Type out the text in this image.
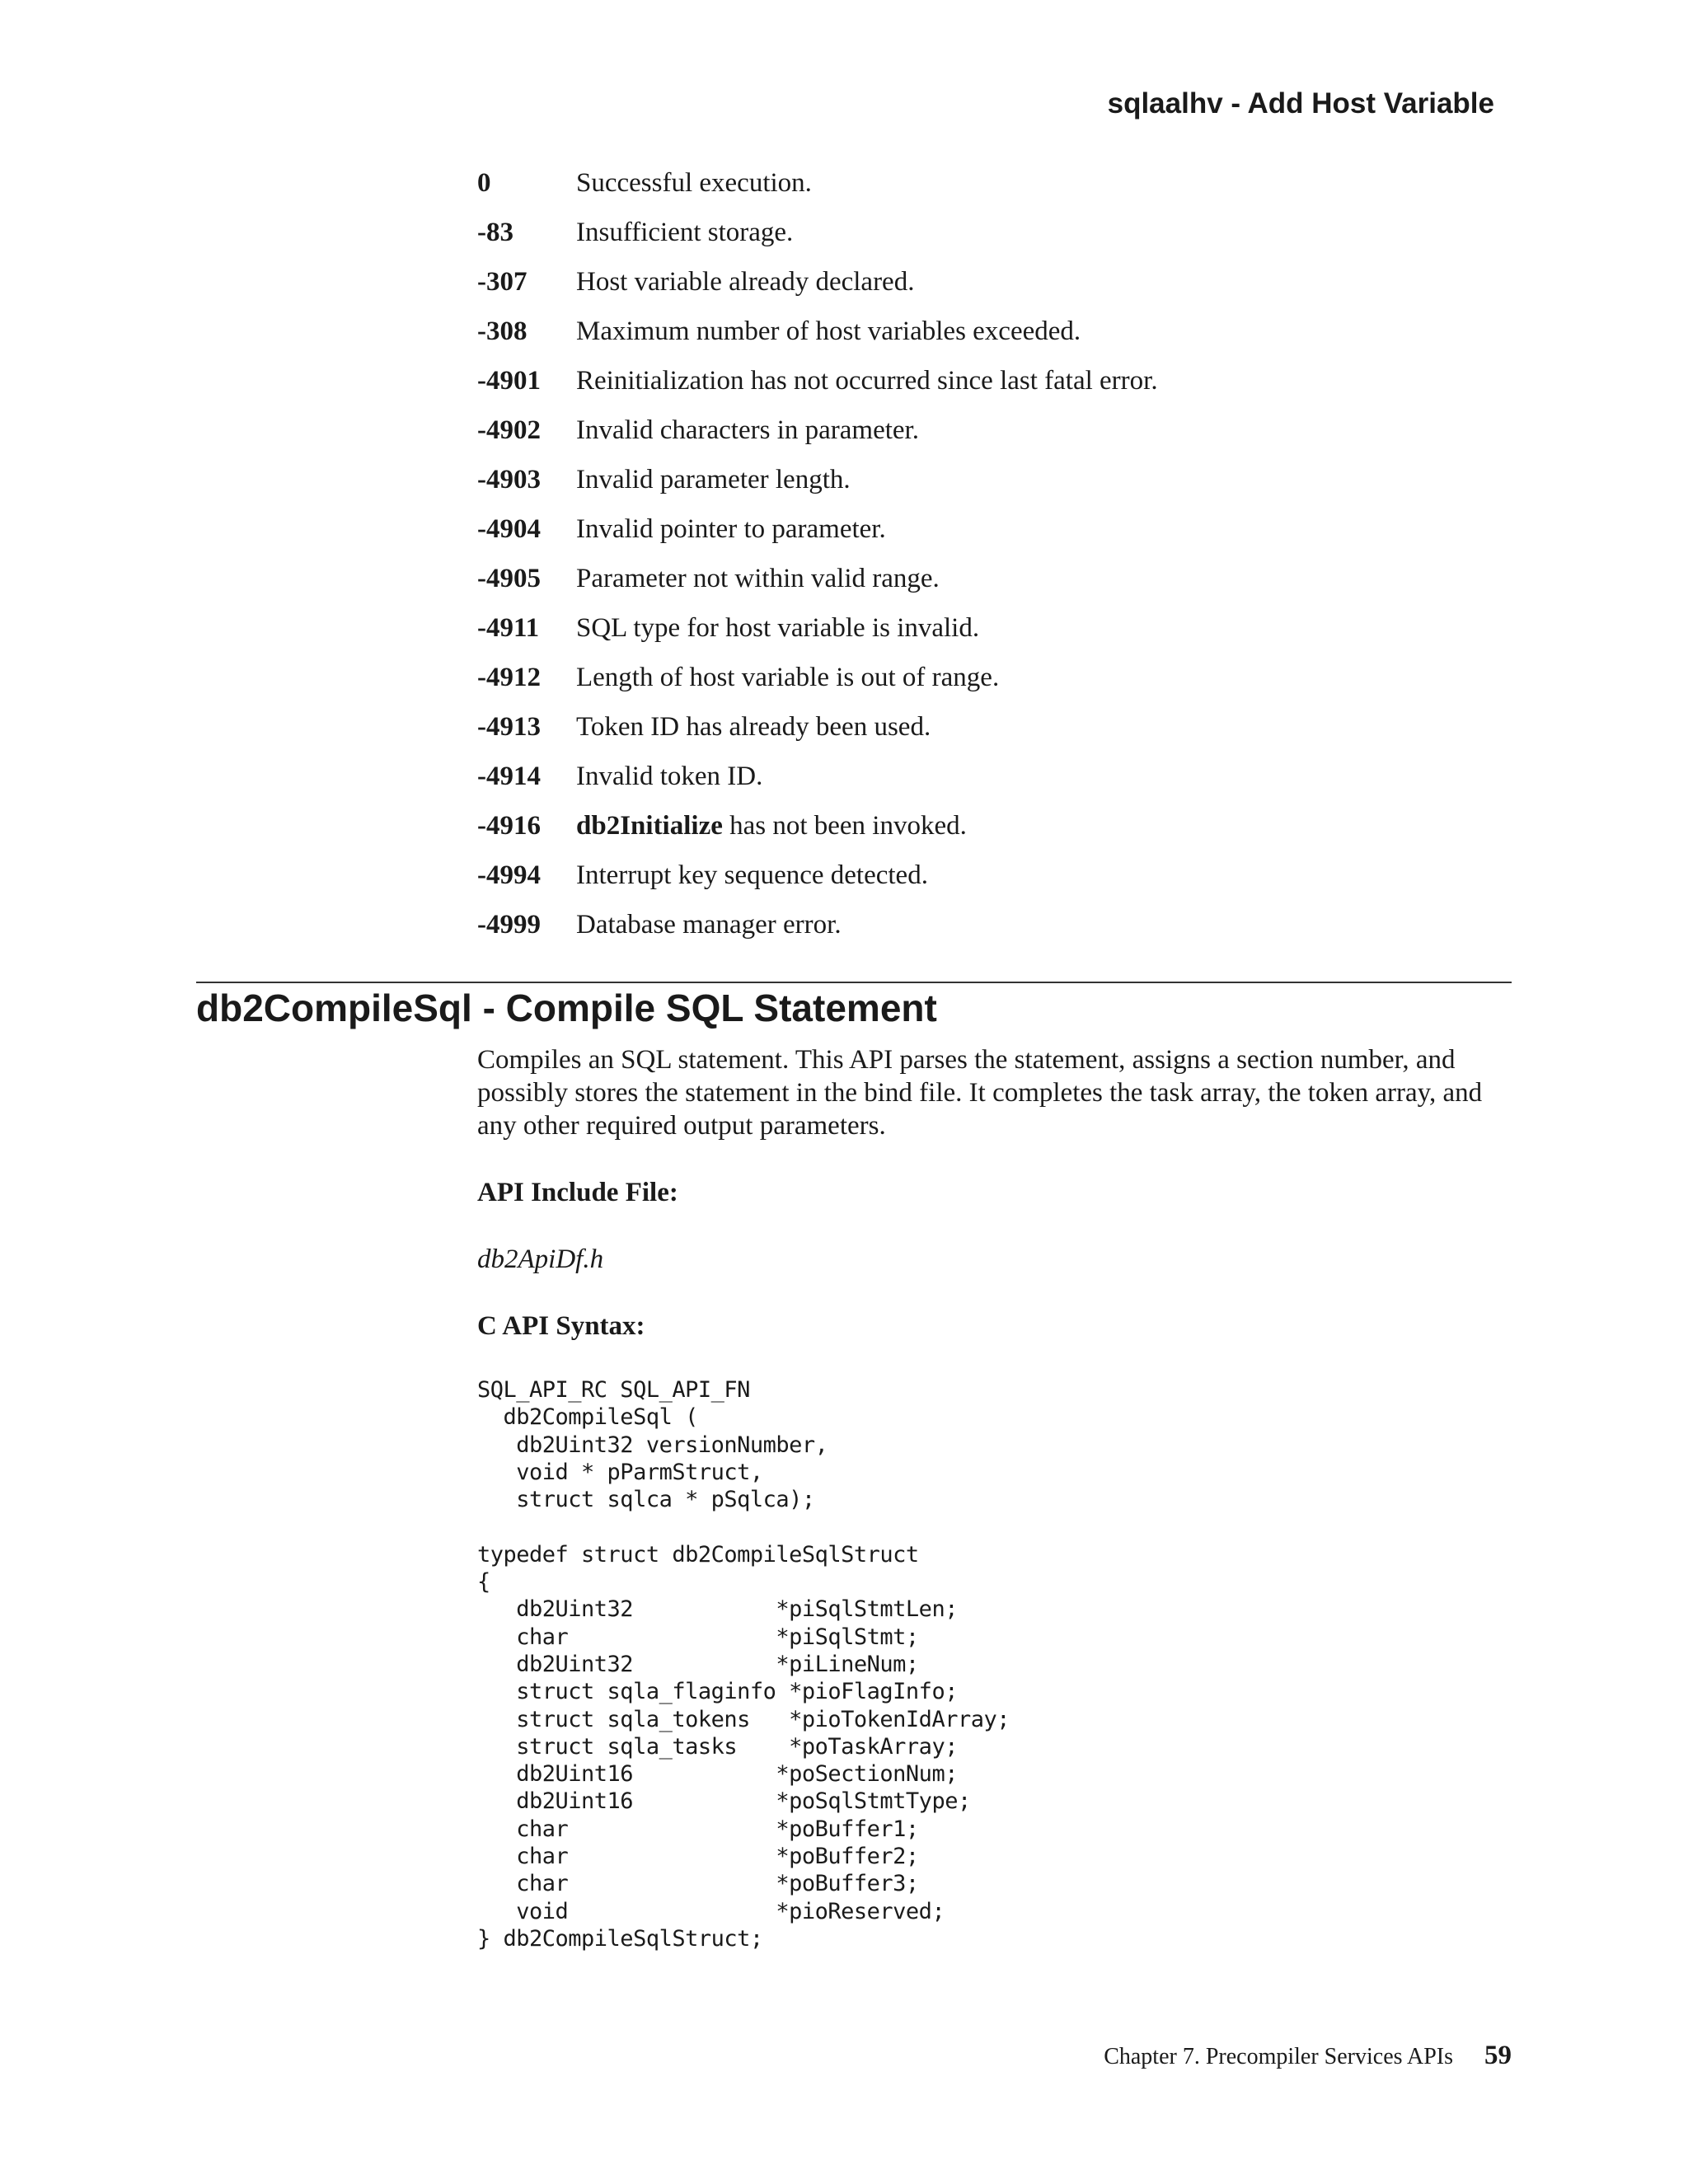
sqlaalhv - Add Host Variable
0	Successful execution.
-83	Insufficient storage.
-307	Host variable already declared.
-308	Maximum number of host variables exceeded.
-4901	Reinitialization has not occurred since last fatal error.
-4902	Invalid characters in parameter.
-4903	Invalid parameter length.
-4904	Invalid pointer to parameter.
-4905	Parameter not within valid range.
-4911	SQL type for host variable is invalid.
-4912	Length of host variable is out of range.
-4913	Token ID has already been used.
-4914	Invalid token ID.
-4916	db2Initialize has not been invoked.
-4994	Interrupt key sequence detected.
-4999	Database manager error.
db2CompileSql - Compile SQL Statement

Compiles an SQL statement. This API parses the statement, assigns a section number, and possibly stores the statement in the bind file. It completes the task array, the token array, and any other required output parameters.

API Include File:

db2ApiDf.h

C API Syntax:

SQL_API_RC SQL_API_FN
db2CompileSql (
db2Uint32 versionNumber,
void * pParmStruct,
struct sqlca * pSqlca);

typedef struct db2CompileSqlStruct
{
db2Uint32           *piSqlStmtLen;
char                *piSqlStmt;
db2Uint32           *piLineNum;
struct sqla_flaginfo *pioFlagInfo;
struct sqla_tokens   *pioTokenIdArray;
struct sqla_tasks    *poTaskArray;
db2Uint16           *poSectionNum;
db2Uint16           *poSqlStmtType;
char                *poBuffer1;
char                *poBuffer2;
char                *poBuffer3;
void                *pioReserved;
} db2CompileSqlStruct;
Chapter 7. Precompiler Services APIs 59
